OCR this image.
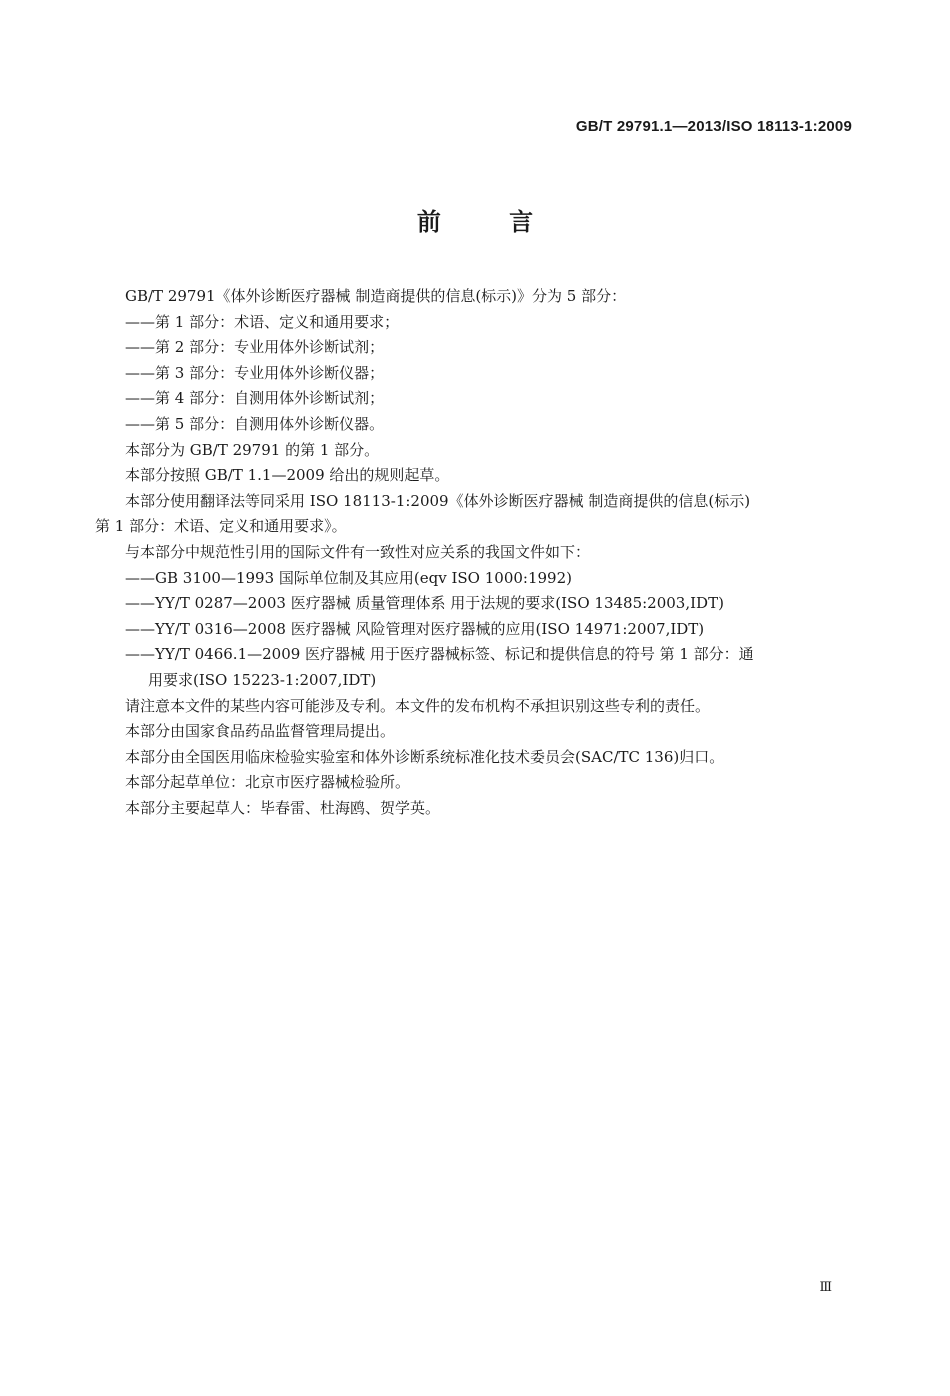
GB/T 29791.1—2013/ISO 18113-1:2009
前	言

GB/T 29791《体外诊断医疗器械 制造商提供的信息(标示)》分为 5 部分：

——第 1 部分：术语、定义和通用要求；

——第 2 部分：专业用体外诊断试剂；

——第 3 部分：专业用体外诊断仪器；

——第 4 部分：自测用体外诊断试剂；

——第 5 部分：自测用体外诊断仪器。

本部分为 GB/T 29791 的第 1 部分。

本部分按照 GB/T 1.1—2009 给出的规则起草。

本部分使用翻译法等同采用 ISO 18113-1:2009《体外诊断医疗器械 制造商提供的信息(标示)

第 1 部分：术语、定义和通用要求》。

与本部分中规范性引用的国际文件有一致性对应关系的我国文件如下：

——GB 3100—1993 国际单位制及其应用(eqv ISO 1000:1992)

——YY/T 0287—2003 医疗器械 质量管理体系 用于法规的要求(ISO 13485:2003,IDT)

——YY/T 0316—2008 医疗器械 风险管理对医疗器械的应用(ISO 14971:2007,IDT)

——YY/T 0466.1—2009 医疗器械 用于医疗器械标签、标记和提供信息的符号 第 1 部分：通

用要求(ISO 15223-1:2007,IDT)

请注意本文件的某些内容可能涉及专利。本文件的发布机构不承担识别这些专利的责任。

本部分由国家食品药品监督管理局提出。

本部分由全国医用临床检验实验室和体外诊断系统标准化技术委员会(SAC/TC 136)归口。

本部分起草单位：北京市医疗器械检验所。

本部分主要起草人：毕春雷、杜海鸥、贺学英。

Ⅲ
